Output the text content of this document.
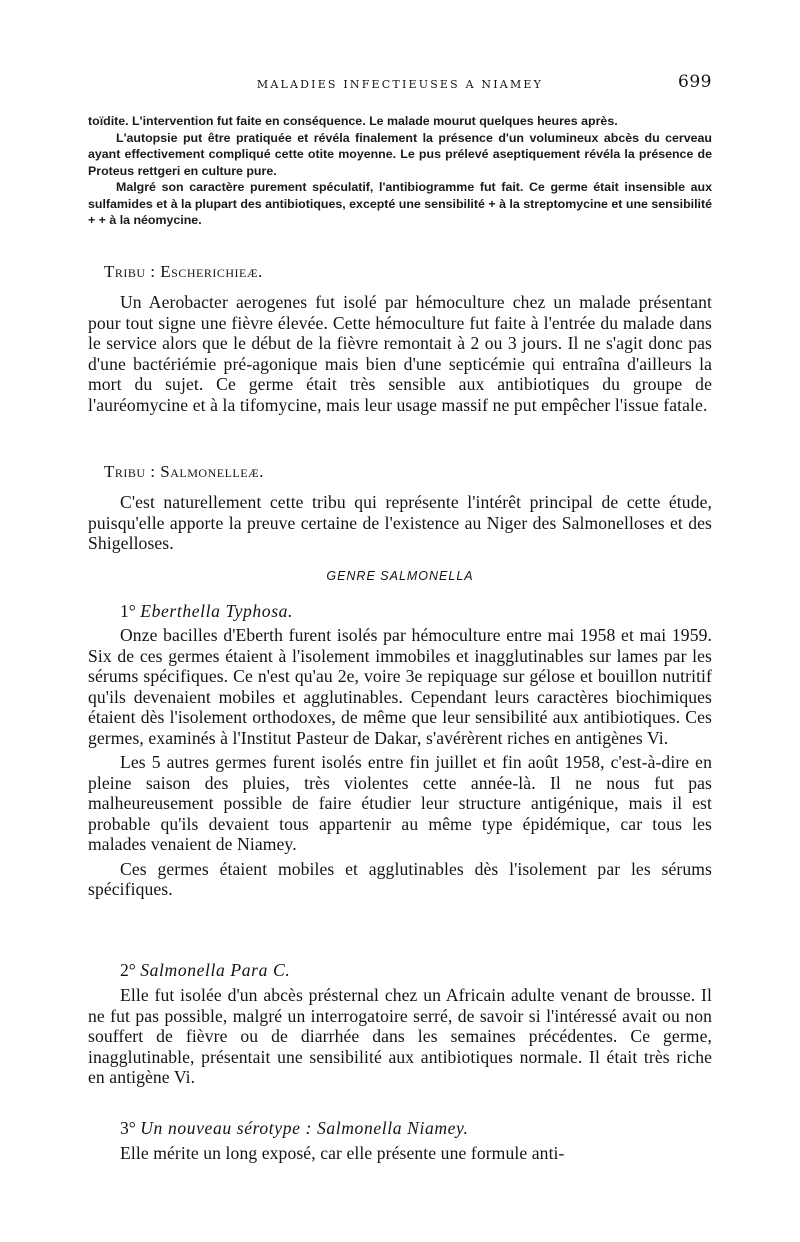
MALADIES INFECTIEUSES A NIAMEY	699

toïdite. L'intervention fut faite en conséquence. Le malade mourut quelques heures après.

L'autopsie put être pratiquée et révéla finalement la présence d'un volumineux abcès du cerveau ayant effectivement compliqué cette otite moyenne. Le pus prélevé aseptiquement révéla la présence de Proteus rettgeri en culture pure.

Malgré son caractère purement spéculatif, l'antibiogramme fut fait. Ce germe était insensible aux sulfamides et à la plupart des antibiotiques, excepté une sensibilité + à la streptomycine et une sensibilité + + à la néomycine.

Tribu : Escherichieæ.

Un Aerobacter aerogenes fut isolé par hémoculture chez un malade présentant pour tout signe une fièvre élevée. Cette hémoculture fut faite à l'entrée du malade dans le service alors que le début de la fièvre remontait à 2 ou 3 jours. Il ne s'agit donc pas d'une bactériémie pré-agonique mais bien d'une septicémie qui entraîna d'ailleurs la mort du sujet. Ce germe était très sensible aux antibiotiques du groupe de l'auréomycine et à la tifomycine, mais leur usage massif ne put empêcher l'issue fatale.

Tribu : Salmonelleæ.

C'est naturellement cette tribu qui représente l'intérêt principal de cette étude, puisqu'elle apporte la preuve certaine de l'existence au Niger des Salmonelloses et des Shigelloses.

GENRE SALMONELLA
1° Eberthella Typhosa.

Onze bacilles d'Eberth furent isolés par hémoculture entre mai 1958 et mai 1959. Six de ces germes étaient à l'isolement immobiles et inagglutinables sur lames par les sérums spécifiques. Ce n'est qu'au 2e, voire 3e repiquage sur gélose et bouillon nutritif qu'ils devenaient mobiles et agglutinables. Cependant leurs caractères biochimiques étaient dès l'isolement orthodoxes, de même que leur sensibilité aux antibiotiques. Ces germes, examinés à l'Institut Pasteur de Dakar, s'avérèrent riches en antigènes Vi.

Les 5 autres germes furent isolés entre fin juillet et fin août 1958, c'est-à-dire en pleine saison des pluies, très violentes cette année-là. Il ne nous fut pas malheureusement possible de faire étudier leur structure antigénique, mais il est probable qu'ils devaient tous appartenir au même type épidémique, car tous les malades venaient de Niamey.

Ces germes étaient mobiles et agglutinables dès l'isolement par les sérums spécifiques.

2° Salmonella Para C.

Elle fut isolée d'un abcès présternal chez un Africain adulte venant de brousse. Il ne fut pas possible, malgré un interrogatoire serré, de savoir si l'intéressé avait ou non souffert de fièvre ou de diarrhée dans les semaines précédentes. Ce germe, inagglutinable, présentait une sensibilité aux antibiotiques normale. Il était très riche en antigène Vi.

3° Un nouveau sérotype : Salmonella Niamey.

Elle mérite un long exposé, car elle présente une formule anti-
